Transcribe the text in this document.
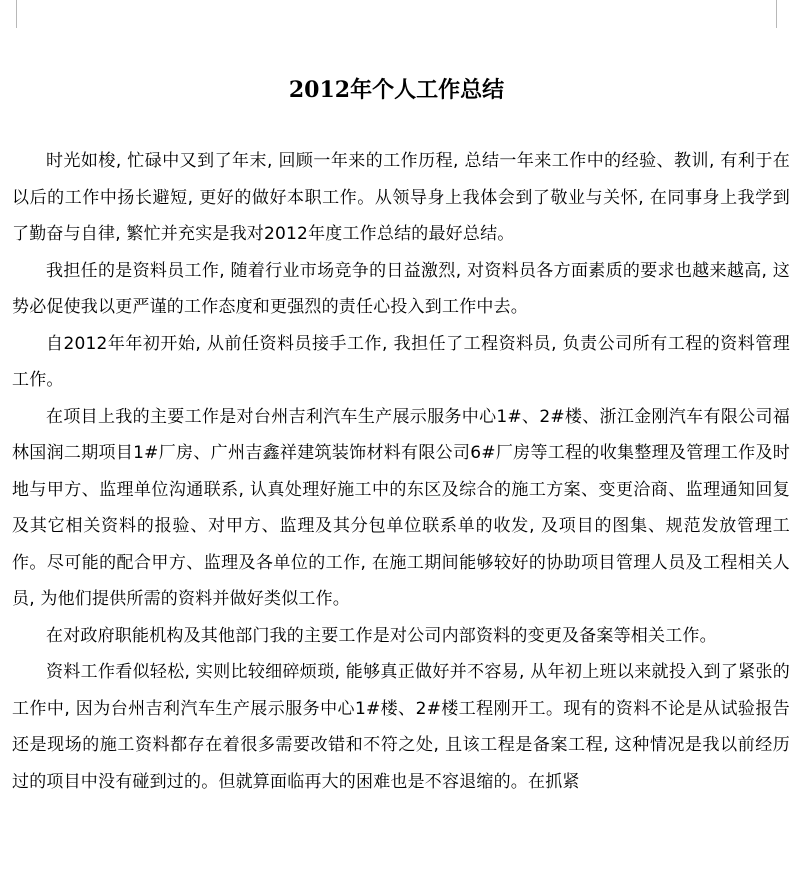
2012年个人工作总结

时光如梭, 忙碌中又到了年末, 回顾一年来的工作历程, 总结一年来工作中的经验、教训, 有利于在以后的工作中扬长避短, 更好的做好本职工作。从领导身上我体会到了敬业与关怀, 在同事身上我学到了勤奋与自律, 繁忙并充实是我对2012年度工作总结的最好总结。

我担任的是资料员工作, 随着行业市场竞争的日益激烈, 对资料员各方面素质的要求也越来越高, 这势必促使我以更严谨的工作态度和更强烈的责任心投入到工作中去。

自2012年年初开始, 从前任资料员接手工作, 我担任了工程资料员, 负责公司所有工程的资料管理工作。

在项目上我的主要工作是对台州吉利汽车生产展示服务中心1#、2#楼、浙江金刚汽车有限公司福林国润二期项目1#厂房、广州吉鑫祥建筑装饰材料有限公司6#厂房等工程的收集整理及管理工作及时地与甲方、监理单位沟通联系, 认真处理好施工中的东区及综合的施工方案、变更洽商、监理通知回复及其它相关资料的报验、对甲方、监理及其分包单位联系单的收发, 及项目的图集、规范发放管理工作。尽可能的配合甲方、监理及各单位的工作, 在施工期间能够较好的协助项目管理人员及工程相关人员, 为他们提供所需的资料并做好类似工作。

在对政府职能机构及其他部门我的主要工作是对公司内部资料的变更及备案等相关工作。

资料工作看似轻松, 实则比较细碎烦琐, 能够真正做好并不容易, 从年初上班以来就投入到了紧张的工作中, 因为台州吉利汽车生产展示服务中心1#楼、2#楼工程刚开工。现有的资料不论是从试验报告还是现场的施工资料都存在着很多需要改错和不符之处, 且该工程是备案工程, 这种情况是我以前经历过的项目中没有碰到过的。但就算面临再大的困难也是不容退缩的。在抓紧
